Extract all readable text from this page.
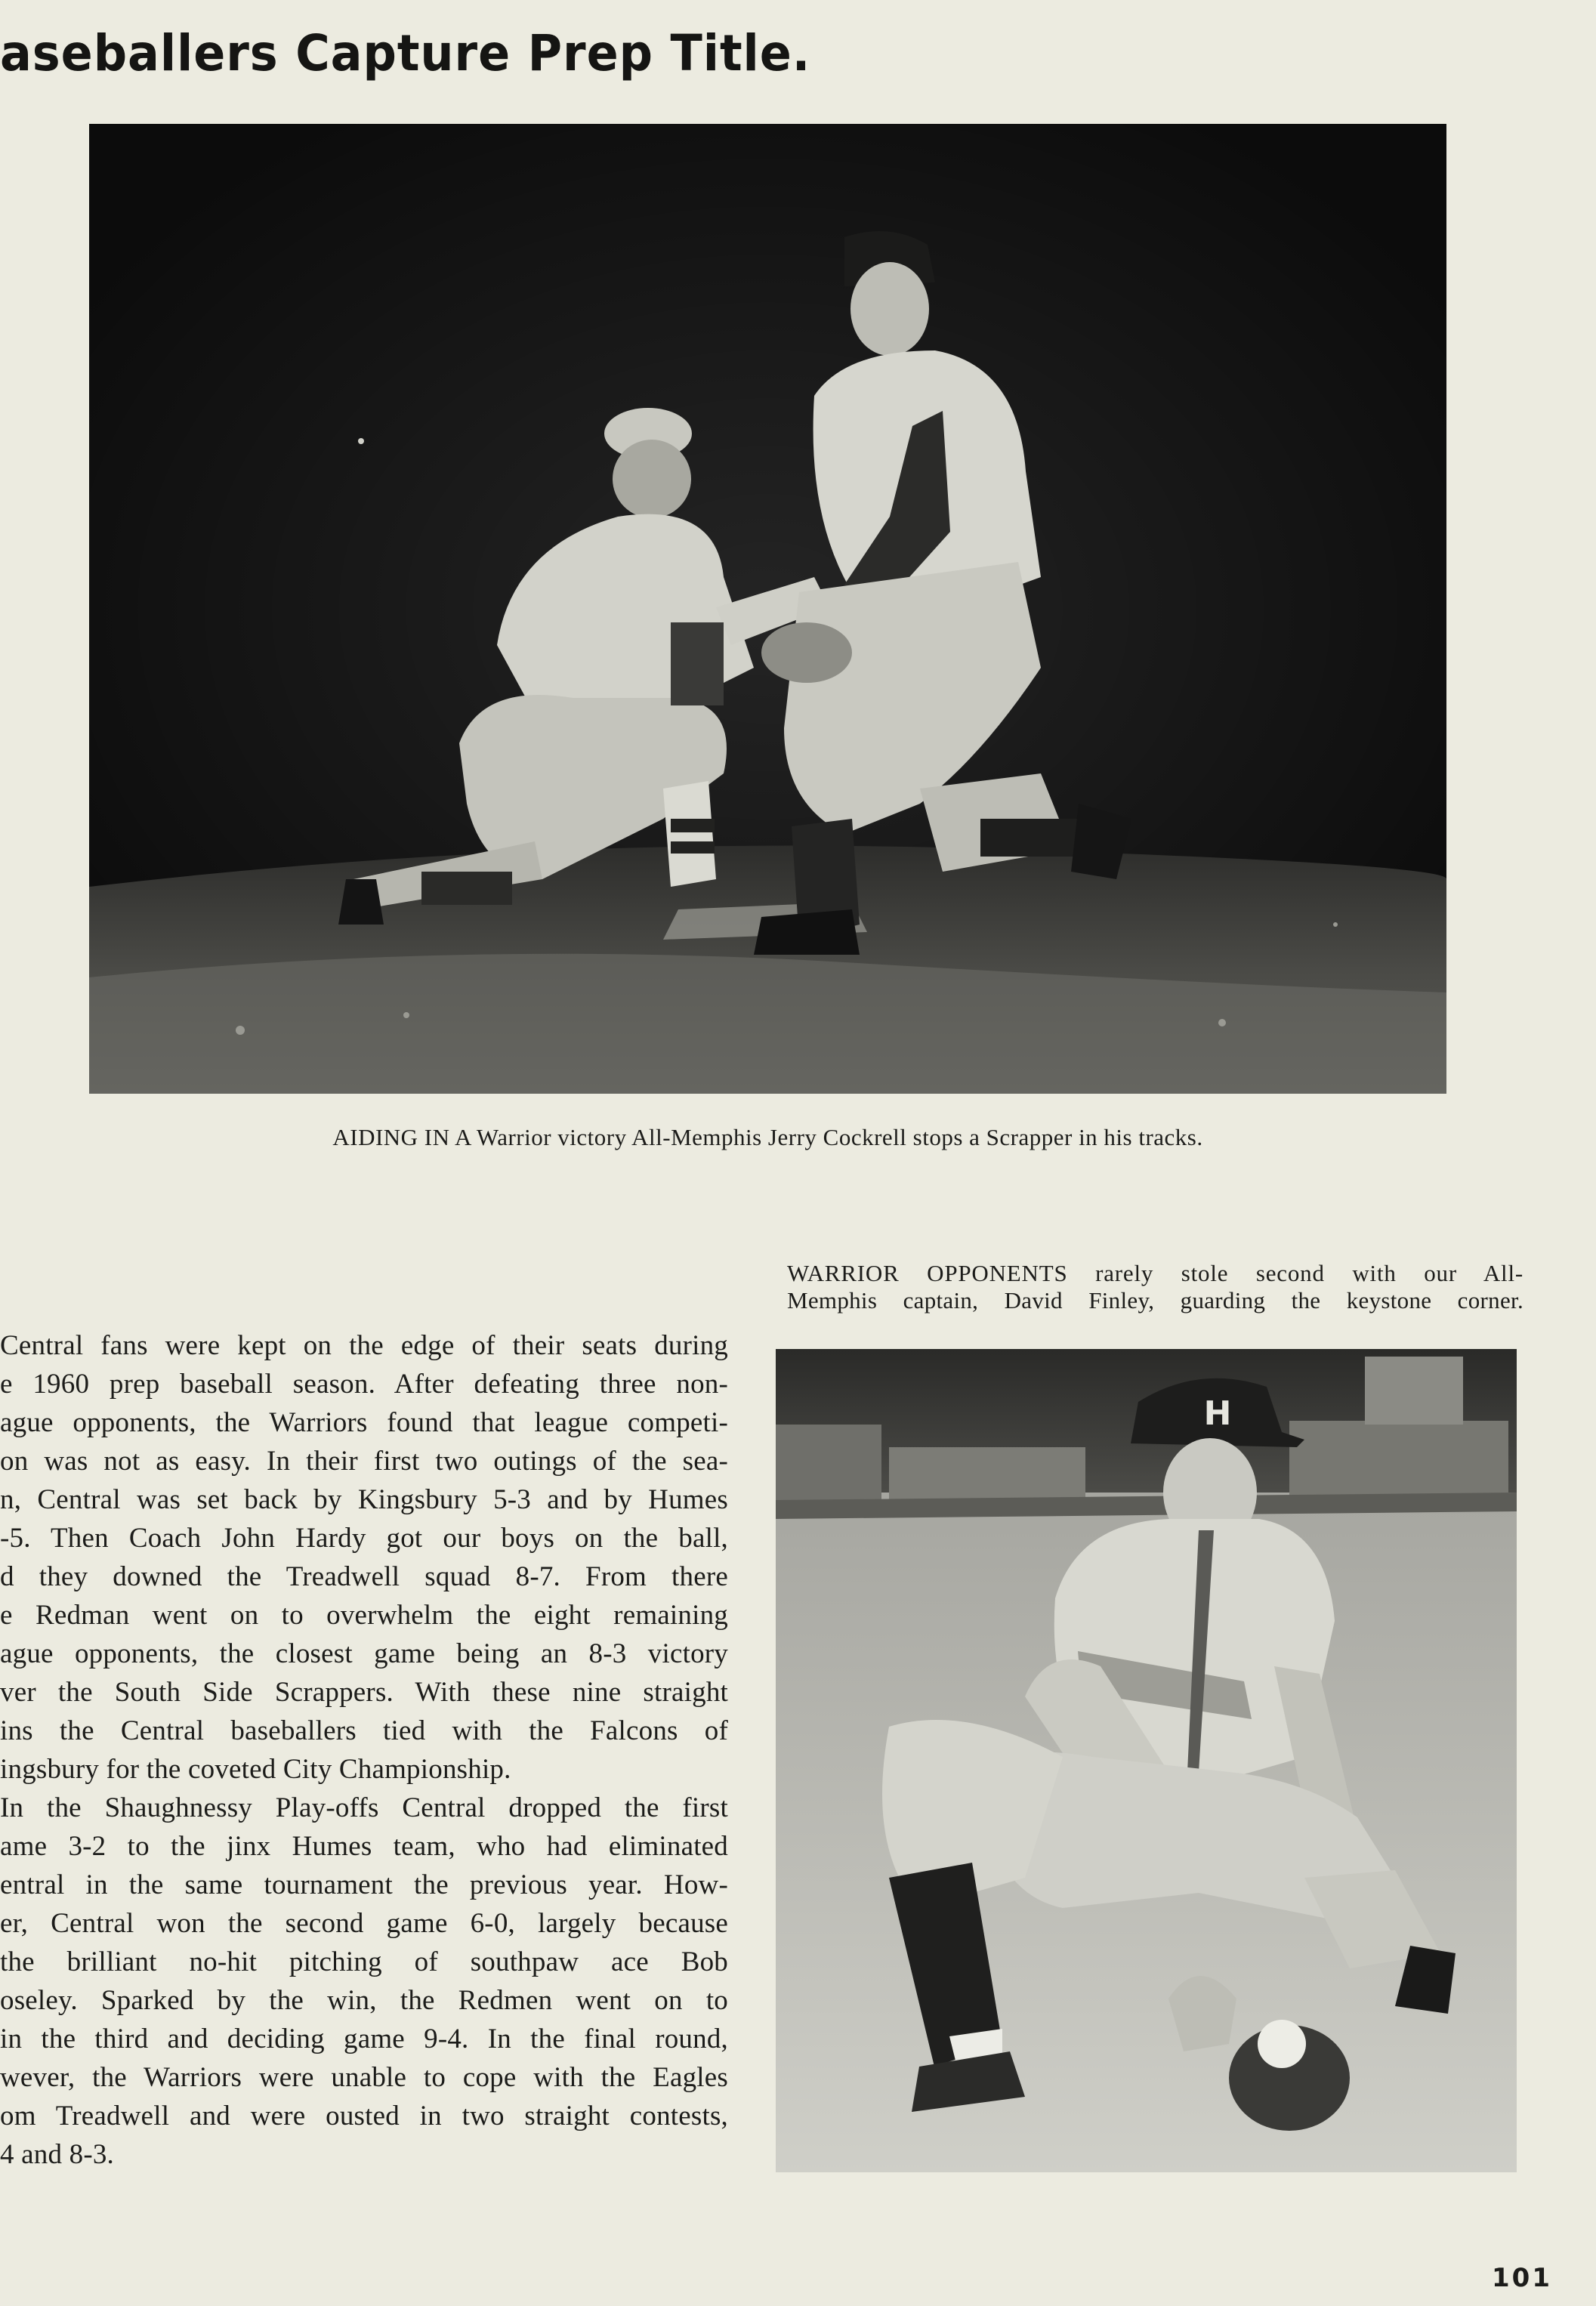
aseballers Capture Prep Title.
AIDING IN A Warrior victory All-Memphis Jerry Cockrell stops a Scrapper in his tracks.
WARRIOR OPPONENTS rarely stole second with our All-
Memphis captain, David Finley, guarding the keystone corner.
H
Central fans were kept on the edge of their seats during
e 1960 prep baseball season. After defeating three non-
ague opponents, the Warriors found that league competi-
on was not as easy. In their first two outings of the sea-
n, Central was set back by Kingsbury 5-3 and by Humes
-5. Then Coach John Hardy got our boys on the ball,
d they downed the Treadwell squad 8-7. From there
e Redman went on to overwhelm the eight remaining
ague opponents, the closest game being an 8-3 victory
ver the South Side Scrappers. With these nine straight
ins the Central baseballers tied with the Falcons of
ingsbury for the coveted City Championship.
In the Shaughnessy Play-offs Central dropped the first
ame 3-2 to the jinx Humes team, who had eliminated
entral in the same tournament the previous year. How-
er, Central won the second game 6-0, largely because
the brilliant no-hit pitching of southpaw ace Bob
oseley. Sparked by the win, the Redmen went on to
in the third and deciding game 9-4. In the final round,
wever, the Warriors were unable to cope with the Eagles
om Treadwell and were ousted in two straight contests,
4 and 8-3.
101
